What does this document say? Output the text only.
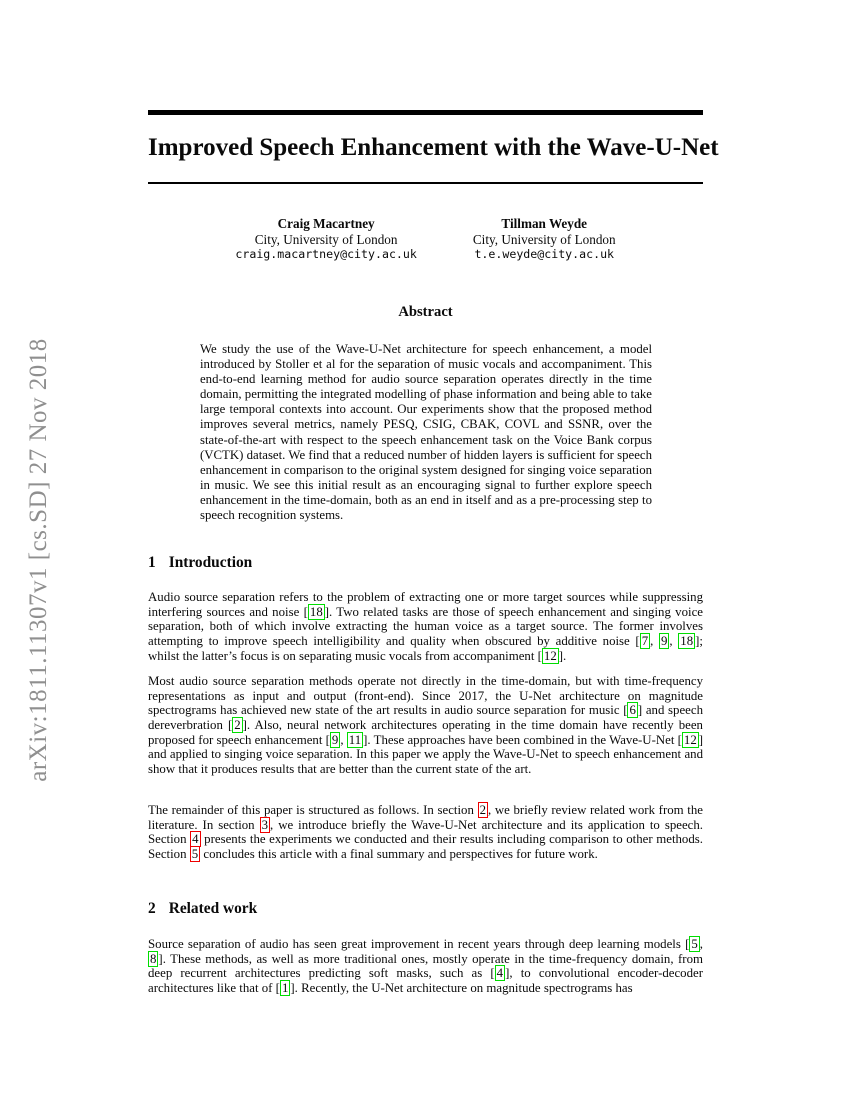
arXiv:1811.11307v1 [cs.SD] 27 Nov 2018
Improved Speech Enhancement with the Wave-U-Net
Craig Macartney
City, University of London
craig.macartney@city.ac.uk
Tillman Weyde
City, University of London
t.e.weyde@city.ac.uk
Abstract

We study the use of the Wave-U-Net architecture for speech enhancement, a model introduced by Stoller et al for the separation of music vocals and accompaniment. This end-to-end learning method for audio source separation operates directly in the time domain, permitting the integrated modelling of phase information and being able to take large temporal contexts into account. Our experiments show that the proposed method improves several metrics, namely PESQ, CSIG, CBAK, COVL and SSNR, over the state-of-the-art with respect to the speech enhancement task on the Voice Bank corpus (VCTK) dataset. We find that a reduced number of hidden layers is sufficient for speech enhancement in comparison to the original system designed for singing voice separation in music. We see this initial result as an encouraging signal to further explore speech enhancement in the time-domain, both as an end in itself and as a pre-processing step to speech recognition systems.

1 Introduction

Audio source separation refers to the problem of extracting one or more target sources while suppressing interfering sources and noise [ 18 ]. Two related tasks are those of speech enhancement and singing voice separation, both of which involve extracting the human voice as a target source. The former involves attempting to improve speech intelligibility and quality when obscured by additive noise [ 7 , 9 , 18 ]; whilst the latter’s focus is on separating music vocals from accompaniment [ 12 ].

Most audio source separation methods operate not directly in the time-domain, but with time-frequency representations as input and output (front-end). Since 2017, the U-Net architecture on magnitude spectrograms has achieved new state of the art results in audio source separation for music [ 6 ] and speech dereverbration [ 2 ]. Also, neural network architectures operating in the time domain have recently been proposed for speech enhancement [ 9 , 11 ]. These approaches have been combined in the Wave-U-Net [ 12 ] and applied to singing voice separation. In this paper we apply the Wave-U-Net to speech enhancement and show that it produces results that are better than the current state of the art.

The remainder of this paper is structured as follows. In section 2 , we briefly review related work from the literature. In section 3 , we introduce briefly the Wave-U-Net architecture and its application to speech. Section 4 presents the experiments we conducted and their results including comparison to other methods. Section 5 concludes this article with a final summary and perspectives for future work.

2 Related work

Source separation of audio has seen great improvement in recent years through deep learning models [ 5 , 8 ]. These methods, as well as more traditional ones, mostly operate in the time-frequency domain, from deep recurrent architectures predicting soft masks, such as [ 4 ], to convolutional encoder-decoder architectures like that of [ 1 ]. Recently, the U-Net architecture on magnitude spectrograms has
